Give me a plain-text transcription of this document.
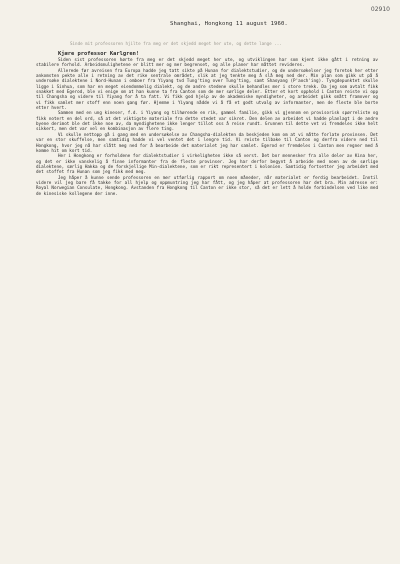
02910
Shanghai, Hongkong 11 august 1960.
Sinde mit professoren hjilte fra meg er det skjedd meget her ute, og dette lange ...
Kjære professor Karlgren!

Siden sist professoren hørte fra meg er det skjedd meget her ute, og utviklingen har som kjent ikke gått i retning av stabilere forhold. Arbeidsmulighetene er blitt mer og mer begrenset, og alle planer har måttet revideres.

Allerede før avreisen fra Europa hadde jeg tatt sikte på Hunan for dialektstudier, og de undersøkelser jeg foretok her etter ankomsten pekte alle i retning av det rike sentrale området, slik at jeg tenkte meg å slå meg ned der. Min plan som gikk ut på å undersøke dialektene i Nord-Hunan i omboer fra Yiyang tvd Tung'ting over Tung'ting, samt Shaoyang (P'aoch'ing). Tyngdepunktet skulle ligge i Sinhua, som har en meget eiendommelig dialekt, og de andre stedene skulle behandles mer i store trekk. Da jeg som avtalt fikk snakket med Egerod, ble vi enige om at han kunne ta fra Canton som de mer sørlige deler. Etter et kort opphold i Canton reiste vi opp til Changsha og videre til Yiyang for å ta fatt. Vi fikk god hjelp av de akademiske myndigheter, og arbeidet gikk smått framover og vi fikk samlet mer stoff enn noen gang før. Hjemme i Yiyang nådde vi å få et godt utvalg av informanter, men de fleste ble borte etter hvert.

Sammen med en ung kineser, f.d. i Yiyang og tilhørende en rik, gammel familie, gikk vi gjennom en provisorisk spørreliste og fikk notert en del ord, så at det viktigste materiale fra dette stedet var sikret. Den delen av arbeidet vi hadde planlagt i de andre byene derimot ble det ikke noe av, da myndighetene ikke lenger tillot oss å reise rundt. Grunnen til dette vet vi fremdeles ikke helt sikkert, men det var vel en kombinasjon av flere ting.

Vi skulle nettopp gå i gang med en undersøkelse av Changsha-dialekten da beskjeden kom om at vi måtte forlate provinsen. Det var en stor skuffelse, men samtidig hadde vi vel ventet det i lengre tid. Vi reiste tilbake til Canton og derfra videre ned til Hongkong, hvor jeg nå har slått meg ned for å bearbeide det materialet jeg har samlet. Egerod er fremdeles i Canton men regner med å komme hit om kort tid.

Her i Hongkong er forholdene for dialektstudier i virkeligheten ikke så verst. Det bor mennesker fra alle deler av Kina her, og det er ikke vanskelig å finne informanter fra de fleste provinser. Jeg har derfor begynt å arbeide med noen av de sørlige dialektene, særlig Hakka og de forskjellige Min-dialektene, som er rikt representert i kolonien. Samtidig fortsetter jeg arbeidet med det stoffet fra Hunan som jeg fikk med meg.

Jeg håper å kunne sende professoren en mer utførlig rapport om noen måneder, når materialet er ferdig bearbeidet. Inntil videre vil jeg bare få takke for all hjelp og oppmuntring jeg har fått, og jeg håper at professoren har det bra. Min adresse er: Royal Norwegian Consulate, Hongkong. Avstanden fra Hongkong til Canton er ikke stor, så det er lett å holde forbindelsen ved like med de kinesiske kollegene der inne.
